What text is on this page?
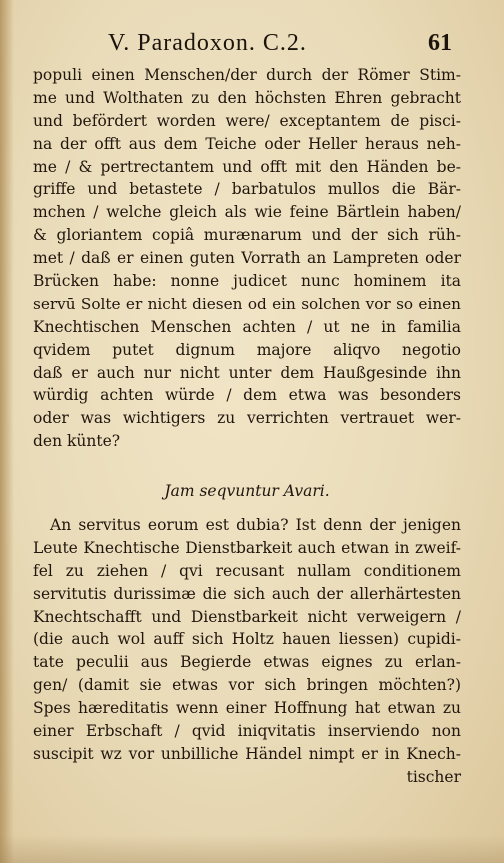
V. Paradoxon. C.2.	61
populi einen Menschen/der durch der Römer Stim-
me und Wolthaten zu den höchsten Ehren gebracht
und befördert worden were/ exceptantem de pisci-
na der offt aus dem Teiche oder Heller heraus neh-
me / & pertrectantem und offt mit den Händen be-
griffe und betastete / barbatulos mullos die Bär-
mchen / welche gleich als wie feine Bärtlein haben/
& gloriantem copiâ murænarum und der sich rüh-
met / daß er einen guten Vorrath an Lampreten oder
Brücken habe: nonne judicet nunc hominem ita
servū Solte er nicht diesen od ein solchen vor so einen
Knechtischen Menschen achten / ut ne in familia
qvidem putet dignum majore aliqvo negotio
daß er auch nur nicht unter dem Haußgesinde ihn
würdig achten würde / dem etwa was besonders
oder was wichtigers zu verrichten vertrauet wer-
den künte?
Jam seqvuntur Avari.
An servitus eorum est dubia? Ist denn der jenigen
Leute Knechtische Dienstbarkeit auch etwan in zweif-
fel zu ziehen / qvi recusant nullam conditionem
servitutis durissimæ die sich auch der allerhärtesten
Knechtschafft und Dienstbarkeit nicht verweigern /
(die auch wol auff sich Holtz hauen liessen) cupidi-
tate peculii aus Begierde etwas eignes zu erlan-
gen/ (damit sie etwas vor sich bringen möchten?)
Spes hæreditatis wenn einer Hoffnung hat etwan zu
einer Erbschaft / qvid iniqvitatis inserviendo non
suscipit wz vor unbilliche Händel nimpt er in Knech-
tischer
